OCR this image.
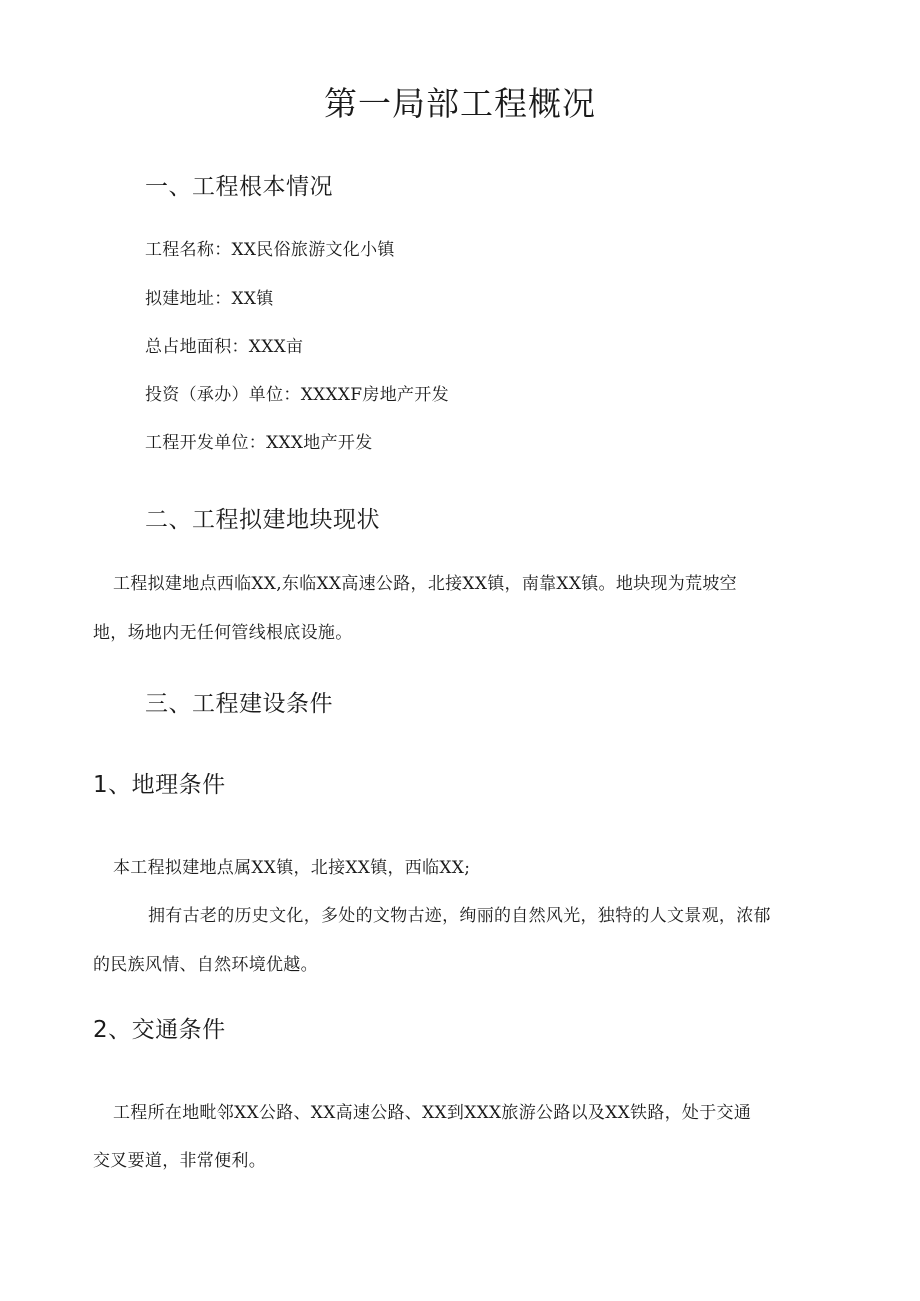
第一局部工程概况
一、工程根本情况
工程名称：XX民俗旅游文化小镇
拟建地址：XX镇
总占地面积：XXX亩
投资（承办）单位：XXXXF房地产开发
工程开发单位：XXX地产开发
二、工程拟建地块现状
工程拟建地点西临XX,东临XX高速公路，北接XX镇，南靠XX镇。地块现为荒坡空
地，场地内无任何管线根底设施。
三、工程建设条件
1、地理条件
本工程拟建地点属XX镇，北接XX镇，西临XX;
拥有古老的历史文化，多处的文物古迹，绚丽的自然风光，独特的人文景观，浓郁
的民族风情、自然环境优越。
2、交通条件
工程所在地毗邻XX公路、XX高速公路、XX到XXX旅游公路以及XX铁路，处于交通
交叉要道，非常便利。
